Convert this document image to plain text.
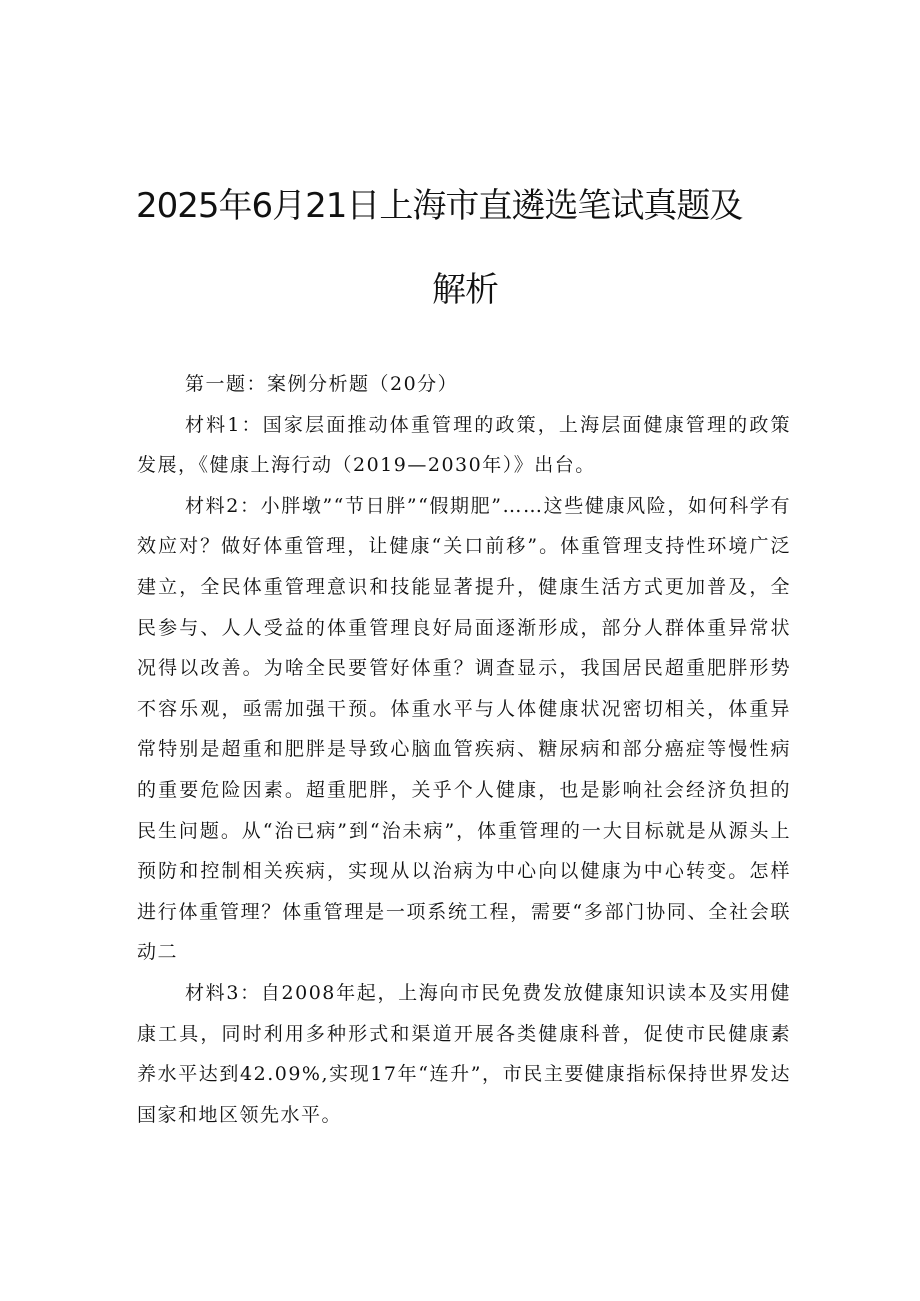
2025年6月21日上海市直遴选笔试真题及
解析

第一题：案例分析题（20分）

材料1：国家层面推动体重管理的政策，上海层面健康管理的政策发展，《健康上海行动（2019—2030年）》出台。

材料2：小胖墩”“节日胖”“假期肥”……这些健康风险，如何科学有效应对？做好体重管理，让健康“关口前移”。体重管理支持性环境广泛建立，全民体重管理意识和技能显著提升，健康生活方式更加普及，全民参与、人人受益的体重管理良好局面逐渐形成，部分人群体重异常状况得以改善。为啥全民要管好体重？调查显示，我国居民超重肥胖形势不容乐观，亟需加强干预。体重水平与人体健康状况密切相关，体重异常特别是超重和肥胖是导致心脑血管疾病、糖尿病和部分癌症等慢性病的重要危险因素。超重肥胖，关乎个人健康，也是影响社会经济负担的民生问题。从“治已病”到“治未病”，体重管理的一大目标就是从源头上预防和控制相关疾病，实现从以治病为中心向以健康为中心转变。怎样进行体重管理？体重管理是一项系统工程，需要“多部门协同、全社会联动二

材料3：自2008年起，上海向市民免费发放健康知识读本及实用健康工具，同时利用多种形式和渠道开展各类健康科普，促使市民健康素养水平达到42.09%,实现17年“连升”，市民主要健康指标保持世界发达国家和地区领先水平。
